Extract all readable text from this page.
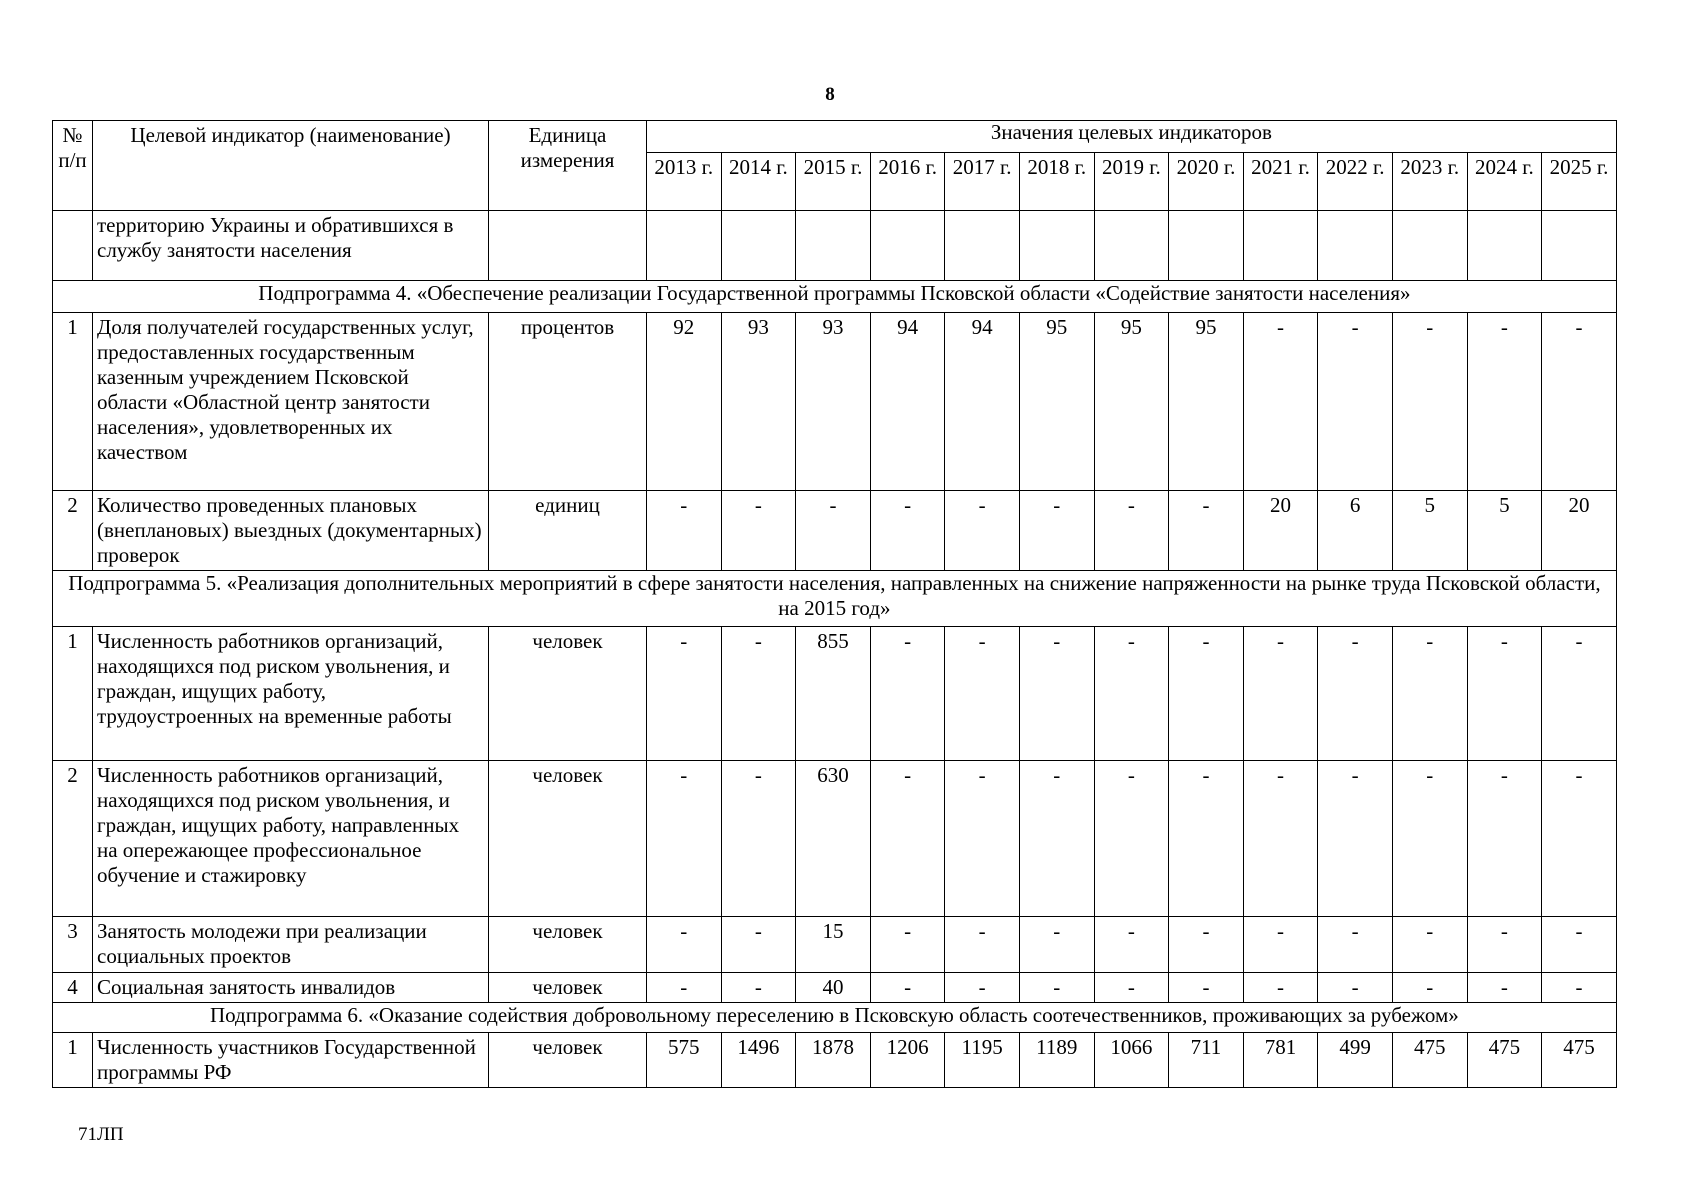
8
№ п/п	Целевой индикатор (наименование)	Единица измерения	Значения целевых индикаторов												
			2013 г.	2014 г.	2015 г.	2016 г.	2017 г.	2018 г.	2019 г.	2020 г.	2021 г.	2022 г.	2023 г.	2024 г.	2025 г.
	территорию Украины и обратившихся в службу занятости населения														
Подпрограмма 4. «Обеспечение реализации Государственной программы Псковской области «Содействие занятости населения»															
1	Доля получателей государственных услуг, предоставленных государственным казенным учреждением Псковской области «Областной центр занятости населения», удовлетворенных их качеством	процентов	92	93	93	94	94	95	95	95	-	-	-	-	-
2	Количество проведенных плановых (внеплановых) выездных (документарных) проверок	единиц	-	-	-	-	-	-	-	-	20	6	5	5	20
Подпрограмма 5. «Реализация дополнительных мероприятий в сфере занятости населения, направленных на снижение напряженности на рынке труда Псковской области, на 2015 год»															
1	Численность работников организаций, находящихся под риском увольнения, и граждан, ищущих работу, трудоустроенных на временные работы	человек	-	-	855	-	-	-	-	-	-	-	-	-	-
2	Численность работников организаций, находящихся под риском увольнения, и граждан, ищущих работу, направленных на опережающее профессиональное обучение и стажировку	человек	-	-	630	-	-	-	-	-	-	-	-	-	-
3	Занятость молодежи при реализации социальных проектов	человек	-	-	15	-	-	-	-	-	-	-	-	-	-
4	Социальная занятость инвалидов	человек	-	-	40	-	-	-	-	-	-	-	-	-	-
Подпрограмма 6. «Оказание содействия добровольному переселению в Псковскую область соотечественников, проживающих за рубежом»															
1	Численность участников Государственной программы РФ	человек	575	1496	1878	1206	1195	1189	1066	711	781	499	475	475	475
71ЛП
